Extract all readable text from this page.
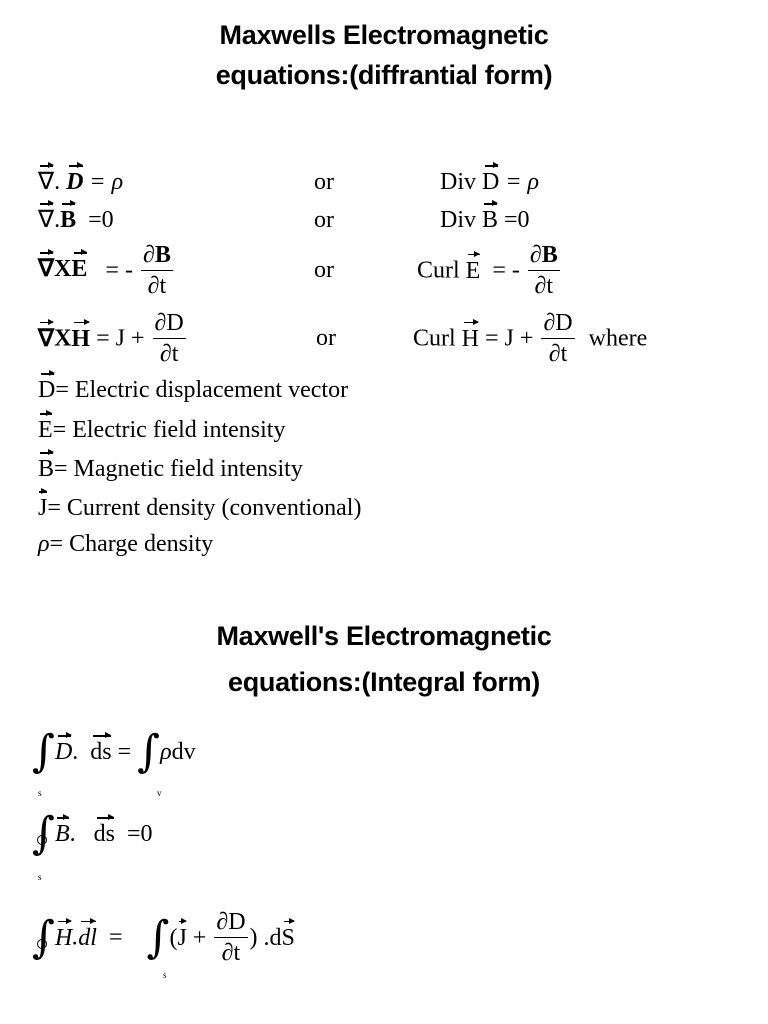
Maxwells Electromagnetic
equations:(diffrantial form)
∇. D = ρ	or	Div D = ρ
∇.B =0	or	Div B =0
∇XE = - $\frac{\partial B}{\partial t}$	or	Curl E = - $\frac{\partial B}{\partial t}$
$\nabla XH = J + \frac{\partial D}{\partial t}$	or	Curl $H = J + \frac{\partial D}{\partial t}$ where
D= Electric displacement vector
E= Electric field intensity
B= Magnetic field intensity
J= Current density (conventional)
ρ= Charge density
Maxwell's Electromagnetic
equations:(Integral form)
∫D.  ds = ∫ρdv
s	v
∫B.   ds =0
s
$\int H.dl = \int(J + \frac{\partial D}{\partial t}$ ) .dS
s
